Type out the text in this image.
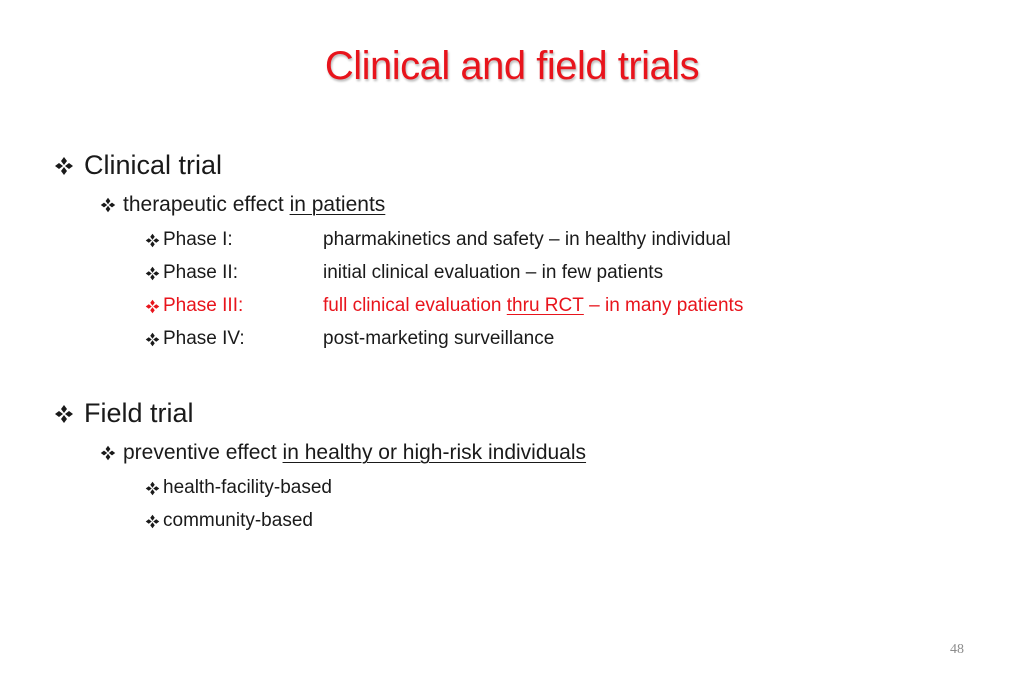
Clinical and field trials
Clinical trial
therapeutic effect in patients
Phase I:	pharmakinetics and safety – in healthy individual
Phase II:	initial clinical evaluation – in few patients
Phase III:	full clinical evaluation thru RCT – in many patients
Phase IV:	post-marketing surveillance
Field trial
preventive effect in healthy or high-risk individuals
health-facility-based
community-based
48
